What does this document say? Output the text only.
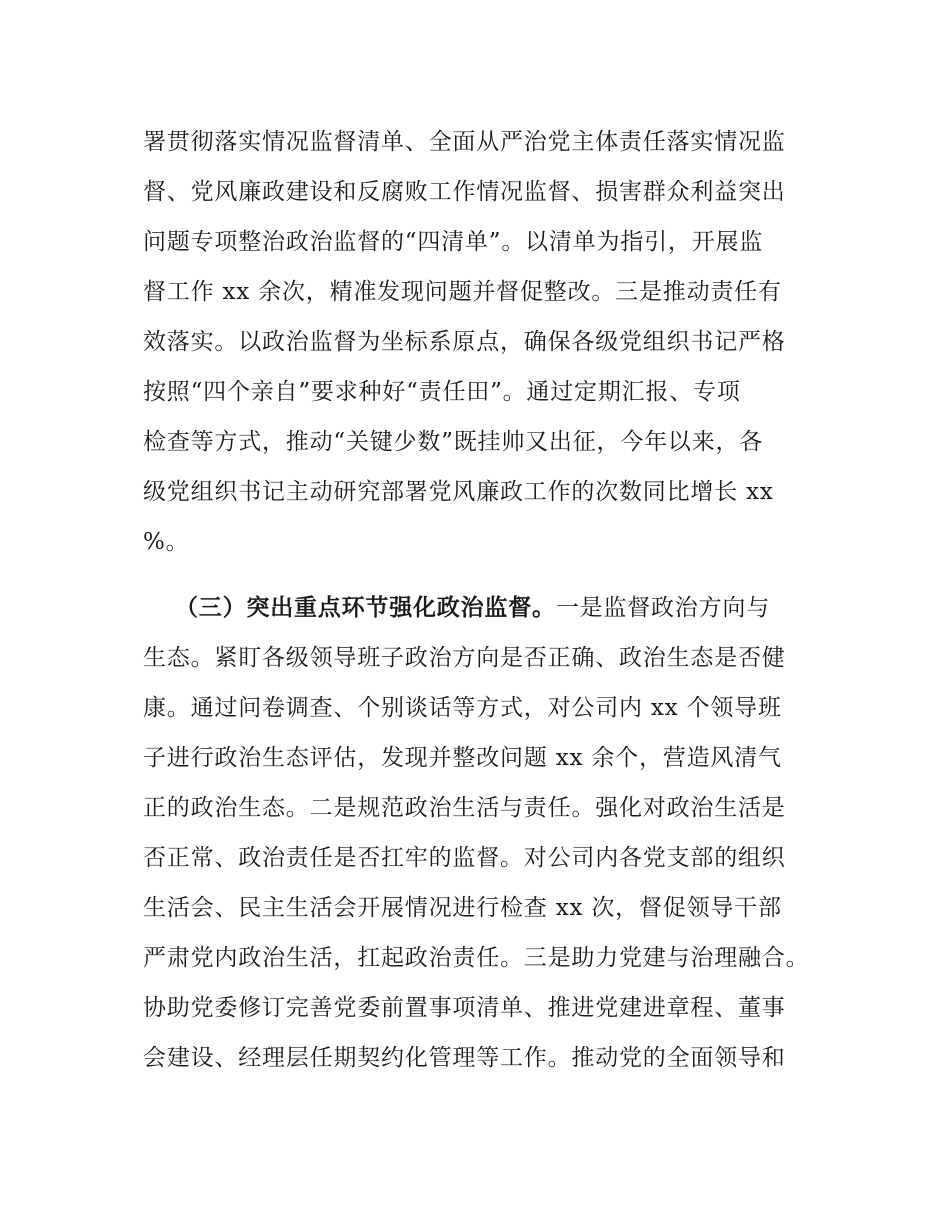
署贯彻落实情况监督清单、全面从严治党主体责任落实情况监
督、党风廉政建设和反腐败工作情况监督、损害群众利益突出
问题专项整治政治监督的“四清单”。以清单为指引，开展监
督工作 xx 余次，精准发现问题并督促整改。三是推动责任有
效落实。以政治监督为坐标系原点，确保各级党组织书记严格
按照“四个亲自”要求种好“责任田”。通过定期汇报、专项
检查等方式，推动“关键少数”既挂帅又出征，今年以来，各
级党组织书记主动研究部署党风廉政工作的次数同比增长 xx
%。
（三）突出重点环节强化政治监督。一是监督政治方向与
生态。紧盯各级领导班子政治方向是否正确、政治生态是否健
康。通过问卷调查、个别谈话等方式，对公司内 xx 个领导班
子进行政治生态评估，发现并整改问题 xx 余个，营造风清气
正的政治生态。二是规范政治生活与责任。强化对政治生活是
否正常、政治责任是否扛牢的监督。对公司内各党支部的组织
生活会、民主生活会开展情况进行检查 xx 次，督促领导干部
严肃党内政治生活，扛起政治责任。三是助力党建与治理融合。
协助党委修订完善党委前置事项清单、推进党建进章程、董事
会建设、经理层任期契约化管理等工作。推动党的全面领导和
